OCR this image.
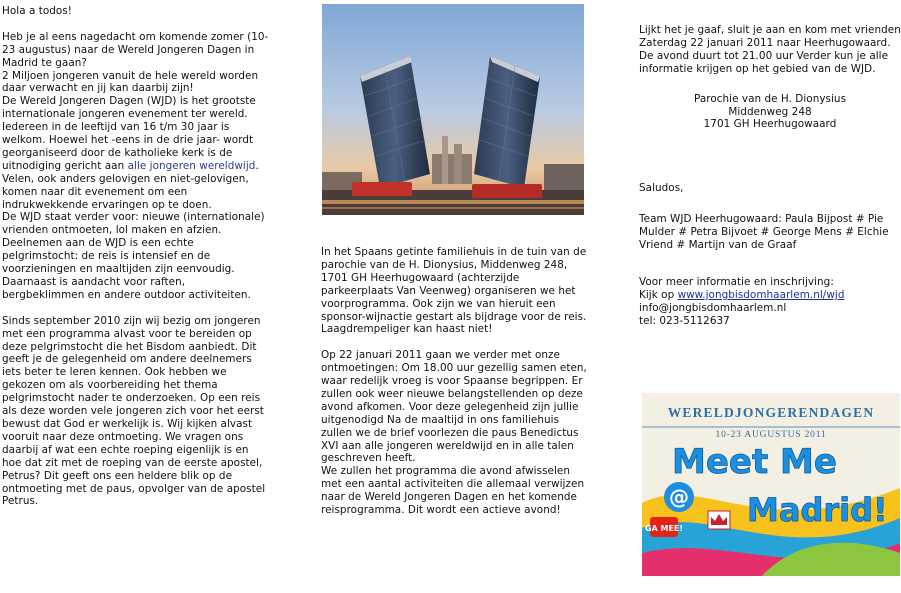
Hola a todos!

Heb je al eens nagedacht om komende zomer (10-23 augustus) naar de Wereld Jongeren Dagen in Madrid te gaan?
2 Miljoen jongeren vanuit de hele wereld worden daar verwacht en jij kan daarbij zijn!
De Wereld Jongeren Dagen (WJD) is het grootste internationale jongeren evenement ter wereld. Iedereen in de leeftijd van 16 t/m 30 jaar is welkom. Hoewel het -eens in de drie jaar- wordt georganiseerd door de katholieke kerk is de uitnodiging gericht aan alle jongeren wereldwijd. Velen, ook anders gelovigen en niet-gelovigen, komen naar dit evenement om een indrukwekkende ervaringen op te doen.
De WJD staat verder voor: nieuwe (internationale) vrienden ontmoeten, lol maken en afzien. Deelnemen aan de WJD is een echte pelgrimstocht: de reis is intensief en de voorzieningen en maaltijden zijn eenvoudig. Daarnaast is aandacht voor raften, bergbeklimmen en andere outdoor activiteiten.

Sinds september 2010 zijn wij bezig om jongeren met een programma alvast voor te bereiden op deze pelgrimstocht die het Bisdom aanbiedt. Dit geeft je de gelegenheid om andere deelnemers iets beter te leren kennen. Ook hebben we gekozen om als voorbereiding het thema pelgrimstocht nader te onderzoeken. Op een reis als deze worden vele jongeren zich voor het eerst bewust dat God er werkelijk is. Wij kijken alvast vooruit naar deze ontmoeting. We vragen ons daarbij af wat een echte roeping eigenlijk is en hoe dat zit met de roeping van de eerste apostel, Petrus? Dit geeft ons een heldere blik op de ontmoeting met de paus, opvolger van de apostel Petrus.

In het Spaans getinte familiehuis in de tuin van de parochie van de H. Dionysius, Middenweg 248, 1701 GH Heerhugowaard (achterzijde parkeerplaats Van Veenweg) organiseren we het voorprogramma. Ook zijn we van hieruit een sponsor-wijnactie gestart als bijdrage voor de reis. Laagdrempeliger kan haast niet!

Op 22 januari 2011 gaan we verder met onze ontmoetingen: Om 18.00 uur gezellig samen eten, waar redelijk vroeg is voor Spaanse begrippen. Er zullen ook weer nieuwe belangstellenden op deze avond afkomen. Voor deze gelegenheid zijn jullie uitgenodigd Na de maaltijd in ons familiehuis zullen we de brief voorlezen die paus Benedictus XVI aan alle jongeren wereldwijd en in alle talen geschreven heeft.
We zullen het programma die avond afwisselen met een aantal activiteiten die allemaal verwijzen naar de Wereld Jongeren Dagen en het komende reisprogramma. Dit wordt een actieve avond!

Lijkt het je gaaf, sluit je aan en kom met vrienden Zaterdag 22 januari 2011 naar Heerhugowaard. De avond duurt tot 21.00 uur Verder kun je alle informatie krijgen op het gebied van de WJD.

Parochie van de H. Dionysius
Middenweg 248
1701 GH Heerhugowaard

Saludos,

Team WJD Heerhugowaard: Paula Bijpost # Pie Mulder # Petra Bijvoet # George Mens # Elchie Vriend # Martijn van de Graaf

Voor meer informatie en inschrijving:

Kijk op www.jongbisdomhaarlem.nl/wjd

info@jongbisdomhaarlem.nl

tel: 023-5112637

WERELDJONGERENDAGEN
10-23 AUGUSTUS 2011
Meet Me
@ Madrid!
GA MEE!
